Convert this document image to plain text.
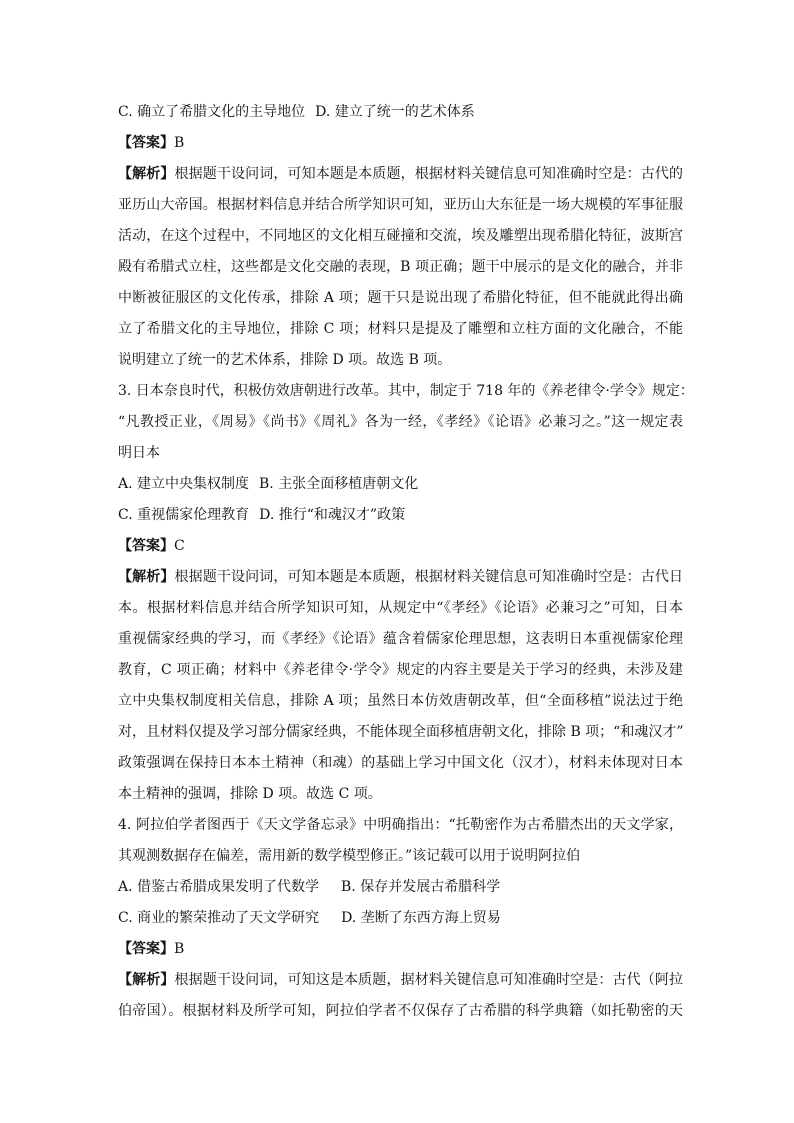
C. 确立了希腊文化的主导地位 D. 建立了统一的艺术体系
【答案】B
【解析】根据题干设问词，可知本题是本质题，根据材料关键信息可知准确时空是：古代的
亚历山大帝国。根据材料信息并结合所学知识可知，亚历山大东征是一场大规模的军事征服
活动，在这个过程中，不同地区的文化相互碰撞和交流，埃及雕塑出现希腊化特征，波斯宫
殿有希腊式立柱，这些都是文化交融的表现，B 项正确；题干中展示的是文化的融合，并非
中断被征服区的文化传承，排除 A 项；题干只是说出现了希腊化特征，但不能就此得出确
立了希腊文化的主导地位，排除 C 项；材料只是提及了雕塑和立柱方面的文化融合，不能
说明建立了统一的艺术体系，排除 D 项。故选 B 项。
3. 日本奈良时代，积极仿效唐朝进行改革。其中，制定于 718 年的《养老律令·学令》规定：
“凡教授正业，《周易》《尚书》《周礼》各为一经，《孝经》《论语》必兼习之。”这一规定表
明日本
A. 建立中央集权制度 B. 主张全面移植唐朝文化
C. 重视儒家伦理教育 D. 推行“和魂汉才”政策
【答案】C
【解析】根据题干设问词，可知本题是本质题，根据材料关键信息可知准确时空是：古代日
本。根据材料信息并结合所学知识可知，从规定中“《孝经》《论语》必兼习之”可知，日本
重视儒家经典的学习，而《孝经》《论语》蕴含着儒家伦理思想，这表明日本重视儒家伦理
教育，C 项正确；材料中《养老律令·学令》规定的内容主要是关于学习的经典，未涉及建
立中央集权制度相关信息，排除 A 项；虽然日本仿效唐朝改革，但“全面移植”说法过于绝
对，且材料仅提及学习部分儒家经典，不能体现全面移植唐朝文化，排除 B 项；“和魂汉才”
政策强调在保持日本本土精神（和魂）的基础上学习中国文化（汉才），材料未体现对日本
本土精神的强调，排除 D 项。故选 C 项。
4. 阿拉伯学者图西于《天文学备忘录》中明确指出：“托勒密作为古希腊杰出的天文学家，
其观测数据存在偏差，需用新的数学模型修正。”该记载可以用于说明阿拉伯
A. 借鉴古希腊成果发明了代数学 B. 保存并发展古希腊科学
C. 商业的繁荣推动了天文学研究 D. 垄断了东西方海上贸易
【答案】B
【解析】根据题干设问词，可知这是本质题，据材料关键信息可知准确时空是：古代（阿拉
伯帝国）。根据材料及所学可知，阿拉伯学者不仅保存了古希腊的科学典籍（如托勒密的天
